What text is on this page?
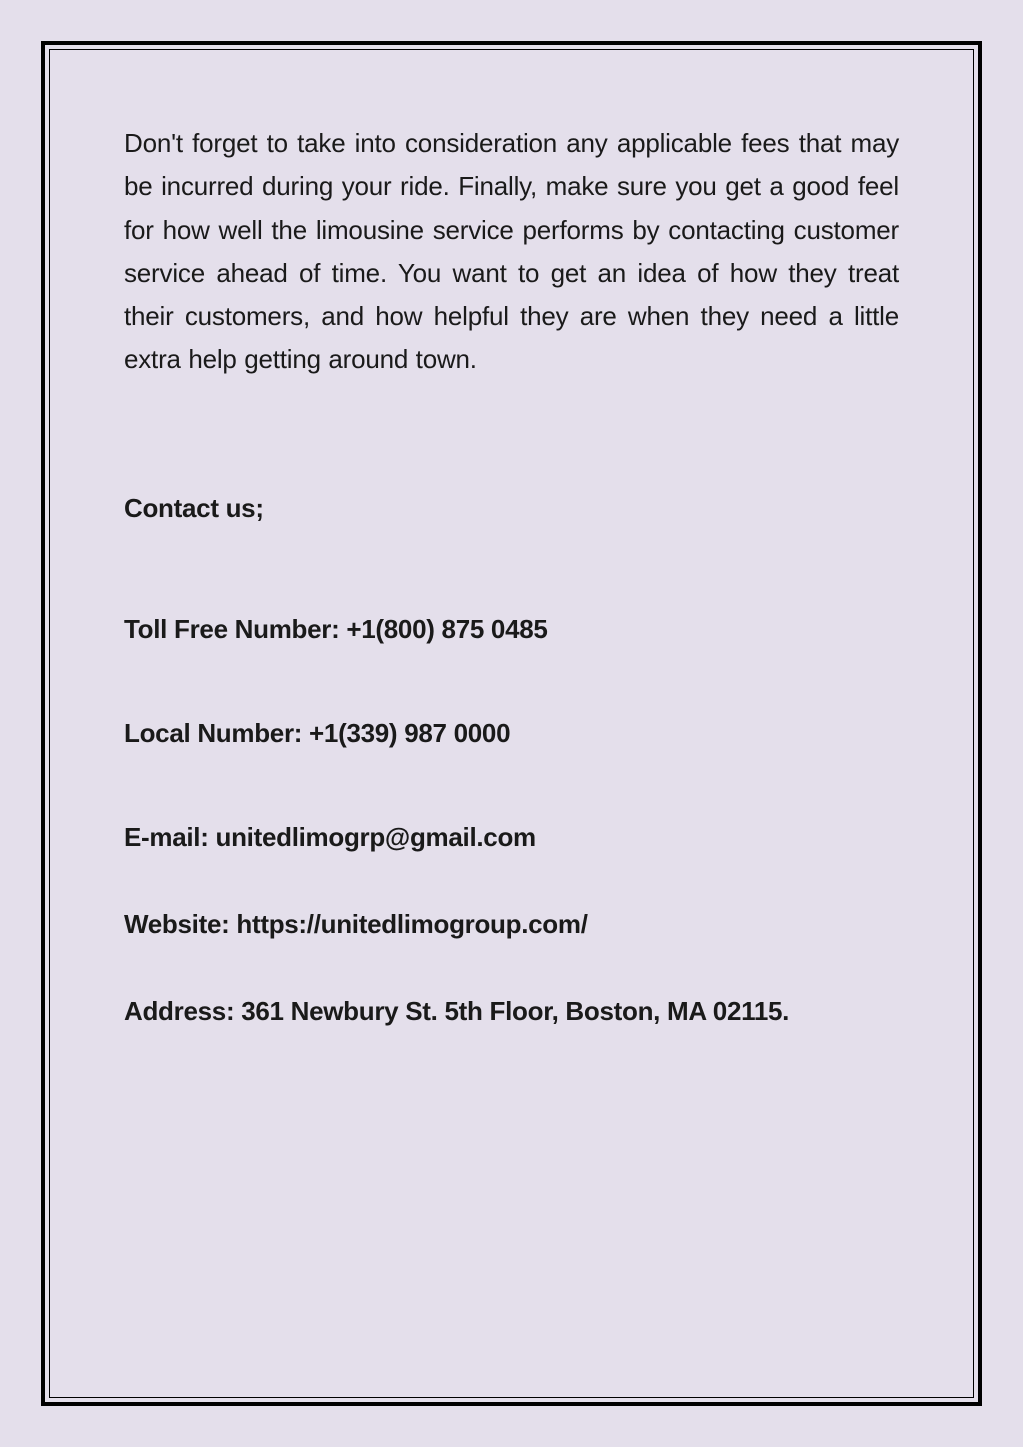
Don't forget to take into consideration any applicable fees that may be incurred during your ride. Finally, make sure you get a good feel for how well the limousine service performs by contacting customer service ahead of time. You want to get an idea of how they treat their customers, and how helpful they are when they need a little extra help getting around town.

Contact us;

Toll Free Number: +1(800) 875 0485

Local Number: +1(339) 987 0000

E-mail: unitedlimogrp@gmail.com

Website: https://unitedlimogroup.com/

Address: 361 Newbury St. 5th Floor, Boston, MA 02115.
